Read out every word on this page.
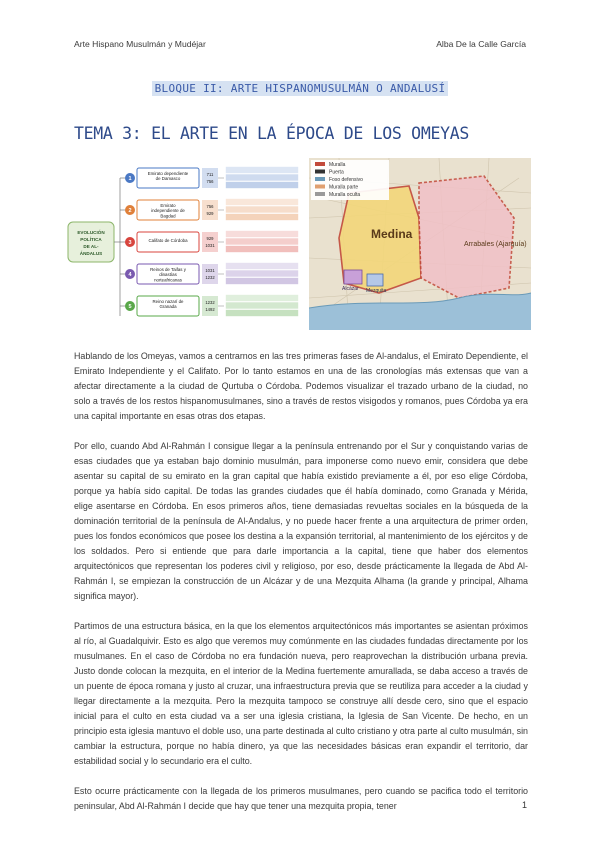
Arte Hispano Musulmán y Mudéjar	Alba De la Calle García
BLOQUE II: ARTE HISPANOMUSULMÁN O ANDALUSÍ
TEMA 3: EL ARTE EN LA ÉPOCA DE LOS OMEYAS
EVOLUCIÓN
POLÍTICA
DE AL-
ÁNDALUS
1
Emirato dependiente
de Damasco
711
756
2
Emirato
independiente de
Bagdad
756
929
3	Califato de Córdoba	929
1031
4
Reinos de Taifas y
dinastías
norteafricanas
1031
1232
5
Reino nazarí de
Granada
1232
1492
Muralla
Puerta
Foso defensivo
Muralla parte
Muralla oculta
Medina
Arrabales (Ajarquía)
Alcázar Mezquita

Hablando de los Omeyas, vamos a centrarnos en las tres primeras fases de Al-andalus, el Emirato Dependiente, el Emirato Independiente y el Califato. Por lo tanto estamos en una de las cronologías más extensas que van a afectar directamente a la ciudad de Qurtuba o Córdoba. Podemos visualizar el trazado urbano de la ciudad, no solo a través de los restos hispanomusulmanes, sino a través de restos visigodos y romanos, pues Córdoba ya era una capital importante en esas otras dos etapas.

Por ello, cuando Abd Al-Rahmán I consigue llegar a la península entrenando por el Sur y conquistando varias de esas ciudades que ya estaban bajo dominio musulmán, para imponerse como nuevo emir, considera que debe asentar su capital de su emirato en la gran capital que había existido previamente a él, por eso elige Córdoba, porque ya había sido capital. De todas las grandes ciudades que él había dominado, como Granada y Mérida, elige asentarse en Córdoba. En esos primeros años, tiene demasiadas revueltas sociales en la búsqueda de la dominación territorial de la península de Al-Andalus, y no puede hacer frente a una arquitectura de primer orden, pues los fondos económicos que posee los destina a la expansión territorial, al mantenimiento de los ejércitos y de los soldados. Pero si entiende que para darle importancia a la capital, tiene que haber dos elementos arquitectónicos que representan los poderes civil y religioso, por eso, desde prácticamente la llegada de Abd Al-Rahmán I, se empiezan la construcción de un Alcázar y de una Mezquita Alhama (la grande y principal, Alhama significa mayor).

Partimos de una estructura básica, en la que los elementos arquitectónicos más importantes se asientan próximos al río, al Guadalquivir. Esto es algo que veremos muy comúnmente en las ciudades fundadas directamente por los musulmanes. En el caso de Córdoba no era fundación nueva, pero reaprovechan la distribución urbana previa. Justo donde colocan la mezquita, en el interior de la Medina fuertemente amurallada, se daba acceso a través de un puente de época romana y justo al cruzar, una infraestructura previa que se reutiliza para acceder a la ciudad y llegar directamente a la mezquita. Pero la mezquita tampoco se construye allí desde cero, sino que el espacio inicial para el culto en esta ciudad va a ser una iglesia cristiana, la Iglesia de San Vicente. De hecho, en un principio esta iglesia mantuvo el doble uso, una parte destinada al culto cristiano y otra parte al culto musulmán, sin cambiar la estructura, porque no había dinero, ya que las necesidades básicas eran expandir el territorio, dar estabilidad social y lo secundario era el culto.

Esto ocurre prácticamente con la llegada de los primeros musulmanes, pero cuando se pacifica todo el territorio peninsular, Abd Al-Rahmán I decide que hay que tener una mezquita propia, tener	1
